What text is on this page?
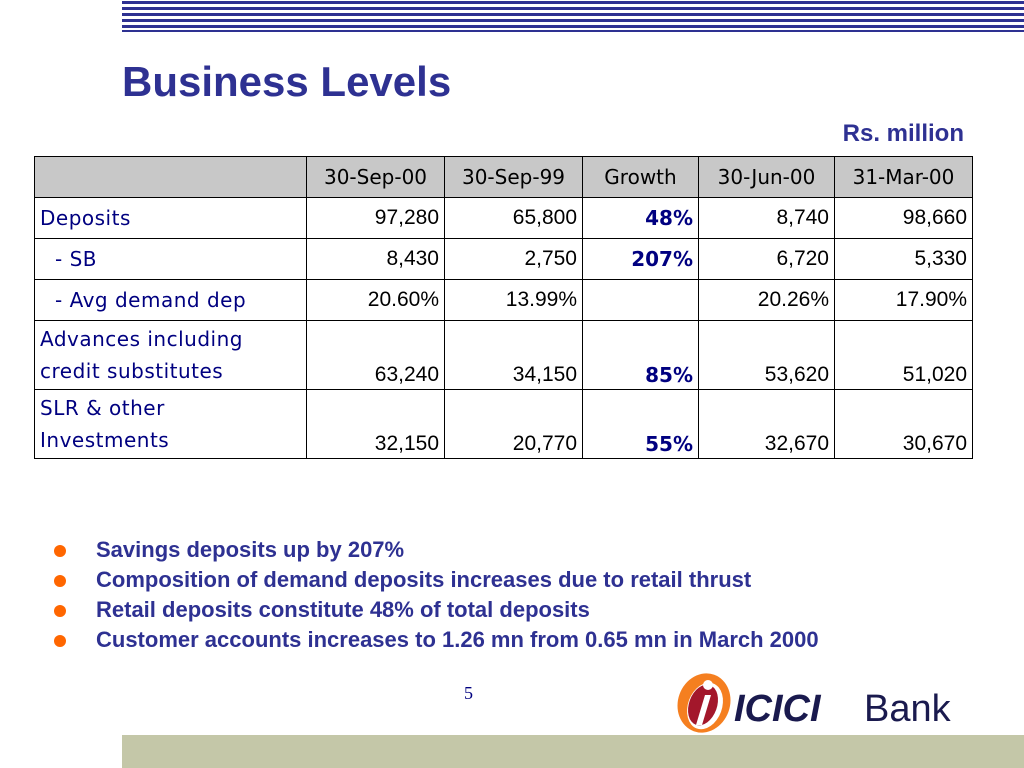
Business Levels
Rs. million
	30-Sep-00	30-Sep-99	Growth	30-Jun-00	31-Mar-00
Deposits	97,280	65,800	48%	8,740	98,660
- SB	8,430	2,750	207%	6,720	5,330
- Avg demand dep	20.60%	13.99%		20.26%	17.90%
Advances including
credit substitutes	63,240	34,150	85%	53,620	51,020
SLR & other
Investments	32,150	20,770	55%	32,670	30,670
Savings deposits up by 207%
Composition of demand deposits increases due to retail thrust
Retail deposits constitute 48% of total deposits
Customer accounts increases to 1.26 mn from 0.65 mn in March 2000
5	ICICI Bank
